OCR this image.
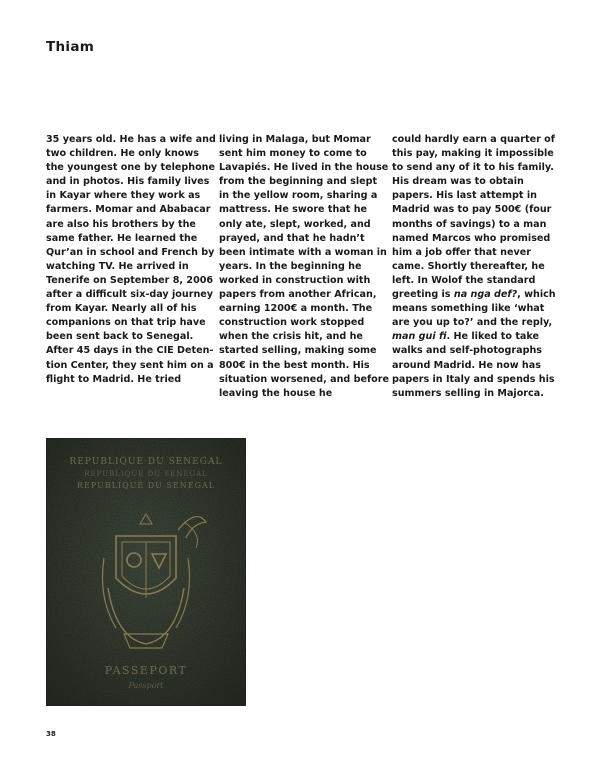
Thiam

35 years old. He has a wife and two children. He only knows the youngest one by telephone and in photos. His family lives in Kayar where they work as farmers. Momar and Ababacar are also his brothers by the same father. He learned the Qur’an in school and French by watching TV. He arrived in Tenerife on September 8, 2006 after a difficult six-day journey from Kayar. Nearly all of his companions on that trip have been sent back to Senegal. After 45 days in the CIE Detention Center, they sent him on a flight to Madrid. He tried

living in Malaga, but Momar sent him money to come to Lavapiés. He lived in the house from the beginning and slept in the yellow room, sharing a mattress. He swore that he only ate, slept, worked, and prayed, and that he hadn’t been intimate with a woman in years. In the beginning he worked in construction with papers from another African, earning 1200€ a month. The construction work stopped when the crisis hit, and he started selling, making some 800€ in the best month. His situation worsened, and before leaving the house he

could hardly earn a quarter of this pay, making it impossible to send any of it to his family. His dream was to obtain papers. His last attempt in Madrid was to pay 500€ (four months of savings) to a man named Marcos who promised him a job offer that never came. Shortly thereafter, he left. In Wolof the standard greeting is na nga def?, which means something like ‘what are you up to?’ and the reply, man gui fi. He liked to take walks and self-photographs around Madrid. He now has papers in Italy and spends his summers selling in Majorca.

REPUBLIQUE DU SENEGAL
REPUBLIQUE DU SENEGAL
REPUBLIQUE DU SENEGAL
PASSEPORT
Passport
38
